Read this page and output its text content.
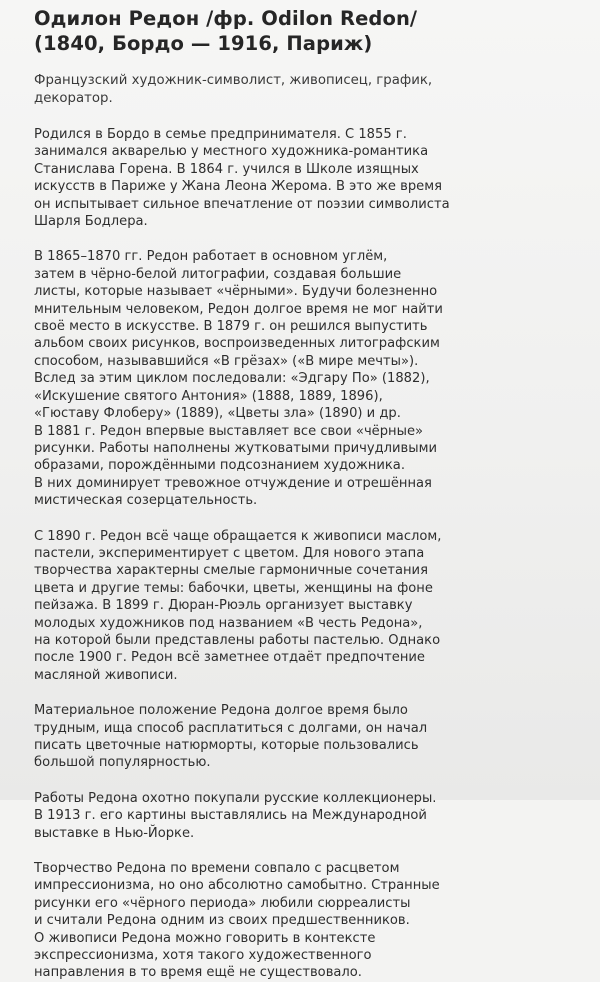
Одилон Редон /фр. Odilon Redon/
(1840, Бордо — 1916, Париж)
Французский художник-символист, живописец, график,
декоратор.

Родился в Бордо в семье предпринимателя. С 1855 г.
занимался акварелью у местного художника-романтика
Станислава Горена. В 1864 г. учился в Школе изящных
искусств в Париже у Жана Леона Жерома. В это же время
он испытывает сильное впечатление от поэзии символиста
Шарля Бодлера.

В 1865–1870 гг. Редон работает в основном углём,
затем в чёрно-белой литографии, создавая большие
листы, которые называет «чёрными». Будучи болезненно
мнительным человеком, Редон долгое время не мог найти
своё место в искусстве. В 1879 г. он решился выпустить
альбом своих рисунков, воспроизведенных литографским
способом, называвшийся «В грёзах» («В мире мечты»).
Вслед за этим циклом последовали: «Эдгару По» (1882),
«Искушение святого Антония» (1888, 1889, 1896),
«Гюставу Флоберу» (1889), «Цветы зла» (1890) и др.
В 1881 г. Редон впервые выставляет все свои «чёрные»
рисунки. Работы наполнены жутковатыми причудливыми
образами, порождёнными подсознанием художника.
В них доминирует тревожное отчуждение и отрешённая
мистическая созерцательность.

С 1890 г. Редон всё чаще обращается к живописи маслом,
пастели, экспериментирует с цветом. Для нового этапа
творчества характерны смелые гармоничные сочетания
цвета и другие темы: бабочки, цветы, женщины на фоне
пейзажа. В 1899 г. Дюран-Рюэль организует выставку
молодых художников под названием «В честь Редона»,
на которой были представлены работы пастелью. Однако
после 1900 г. Редон всё заметнее отдаёт предпочтение
масляной живописи.

Материальное положение Редона долгое время было
трудным, ища способ расплатиться с долгами, он начал
писать цветочные натюрморты, которые пользовались
большой популярностью.

Работы Редона охотно покупали русские коллекционеры.
В 1913 г. его картины выставлялись на Международной
выставке в Нью-Йорке.

Творчество Редона по времени совпало с расцветом
импрессионизма, но оно абсолютно самобытно. Странные
рисунки его «чёрного периода» любили сюрреалисты
и считали Редона одним из своих предшественников.
О живописи Редона можно говорить в контексте
экспрессионизма, хотя такого художественного
направления в то время ещё не существовало.
